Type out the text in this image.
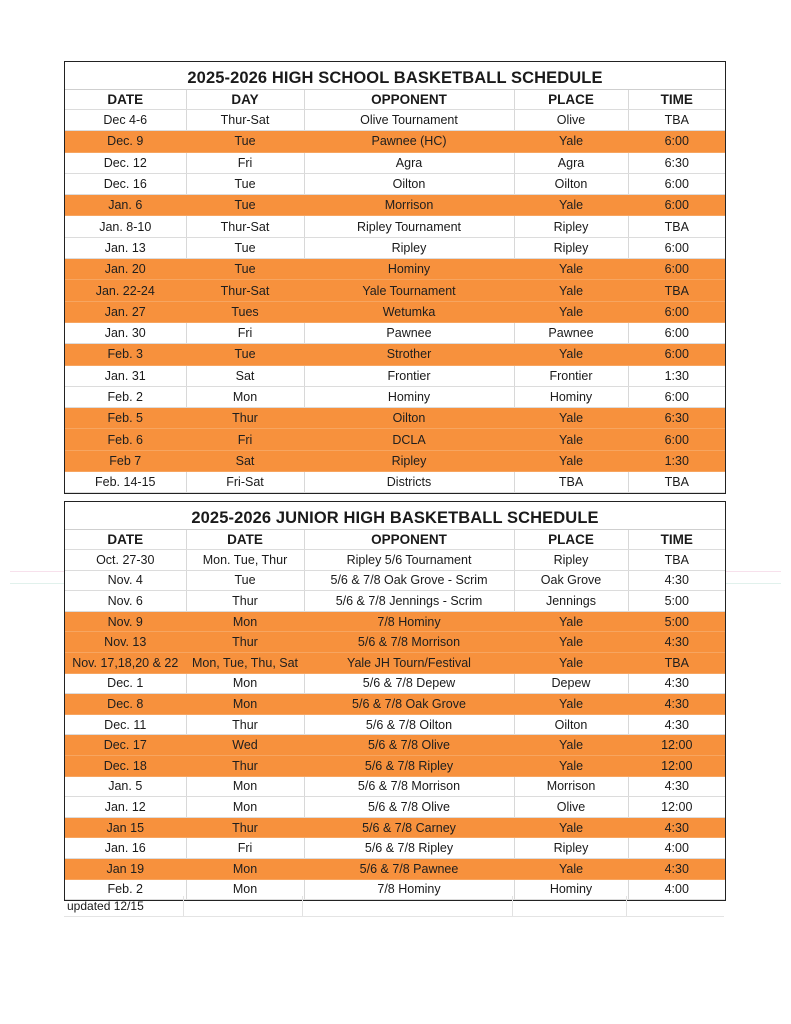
2025-2026 HIGH SCHOOL BASKETBALL SCHEDULE
DATE	DAY	OPPONENT	PLACE	TIME
Dec 4-6	Thur-Sat	Olive Tournament	Olive	TBA
Dec. 9	Tue	Pawnee (HC)	Yale	6:00
Dec. 12	Fri	Agra	Agra	6:30
Dec. 16	Tue	Oilton	Oilton	6:00
Jan. 6	Tue	Morrison	Yale	6:00
Jan. 8-10	Thur-Sat	Ripley Tournament	Ripley	TBA
Jan. 13	Tue	Ripley	Ripley	6:00
Jan. 20	Tue	Hominy	Yale	6:00
Jan. 22-24	Thur-Sat	Yale Tournament	Yale	TBA
Jan. 27	Tues	Wetumka	Yale	6:00
Jan. 30	Fri	Pawnee	Pawnee	6:00
Feb. 3	Tue	Strother	Yale	6:00
Jan. 31	Sat	Frontier	Frontier	1:30
Feb. 2	Mon	Hominy	Hominy	6:00
Feb. 5	Thur	Oilton	Yale	6:30
Feb. 6	Fri	DCLA	Yale	6:00
Feb 7	Sat	Ripley	Yale	1:30
Feb. 14-15	Fri-Sat	Districts	TBA	TBA
2025-2026 JUNIOR HIGH BASKETBALL SCHEDULE
DATE	DATE	OPPONENT	PLACE	TIME
Oct. 27-30	Mon. Tue, Thur	Ripley 5/6 Tournament	Ripley	TBA
Nov. 4	Tue	5/6 & 7/8 Oak Grove - Scrim	Oak Grove	4:30
Nov. 6	Thur	5/6 & 7/8 Jennings - Scrim	Jennings	5:00
Nov. 9	Mon	7/8 Hominy	Yale	5:00
Nov. 13	Thur	5/6 & 7/8 Morrison	Yale	4:30
Nov. 17,18,20 & 22	Mon, Tue, Thu, Sat	Yale JH Tourn/Festival	Yale	TBA
Dec. 1	Mon	5/6 & 7/8 Depew	Depew	4:30
Dec. 8	Mon	5/6 & 7/8 Oak Grove	Yale	4:30
Dec. 11	Thur	5/6 & 7/8 Oilton	Oilton	4:30
Dec. 17	Wed	5/6 & 7/8 Olive	Yale	12:00
Dec. 18	Thur	5/6 & 7/8 Ripley	Yale	12:00
Jan. 5	Mon	5/6 & 7/8 Morrison	Morrison	4:30
Jan. 12	Mon	5/6 & 7/8 Olive	Olive	12:00
Jan 15	Thur	5/6 & 7/8 Carney	Yale	4:30
Jan. 16	Fri	5/6 & 7/8 Ripley	Ripley	4:00
Jan 19	Mon	5/6 & 7/8 Pawnee	Yale	4:30
Feb. 2	Mon	7/8 Hominy	Hominy	4:00
updated 12/15
